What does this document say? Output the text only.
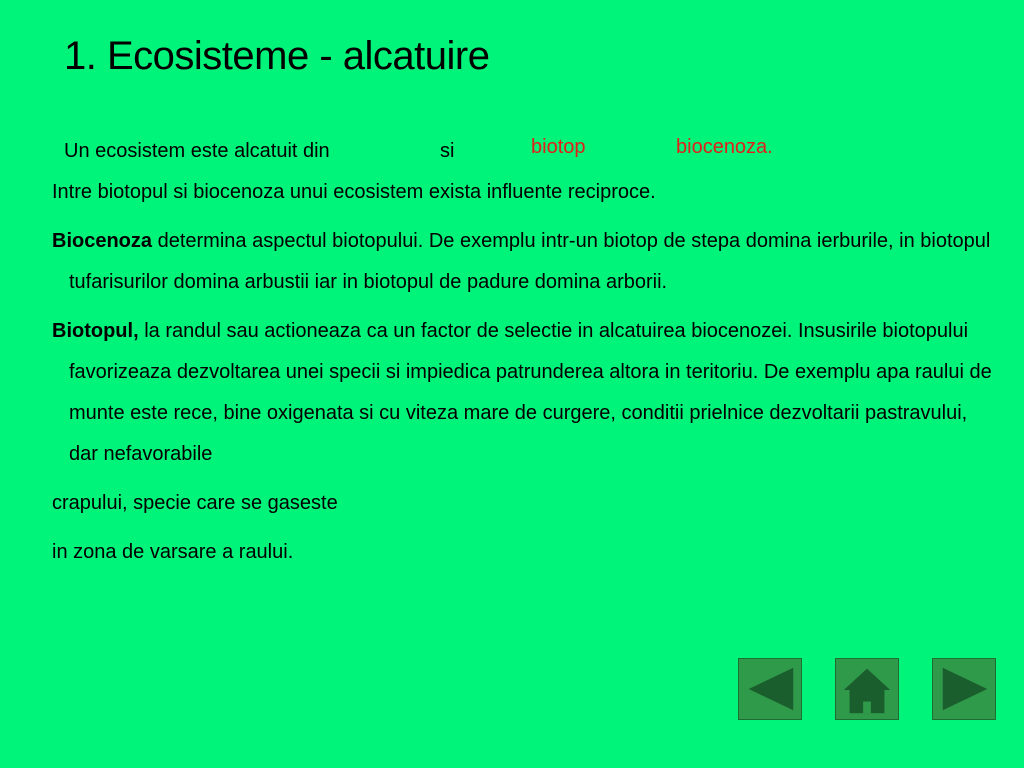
1. Ecosisteme - alcatuire
Un ecosistem este alcatuit din	si	biotop	biocenoza.

Intre biotopul si biocenoza unui ecosistem exista influente reciproce.

Biocenoza determina aspectul biotopului. De exemplu intr-un biotop de stepa domina ierburile, in biotopul tufarisurilor domina arbustii iar in biotopul de padure domina arborii.

Biotopul, la randul sau actioneaza ca un factor de selectie in alcatuirea biocenozei. Insusirile biotopului favorizeaza dezvoltarea unei specii si impiedica patrunderea altora in teritoriu. De exemplu apa raului de munte este rece, bine oxigenata si cu viteza mare de curgere, conditii prielnice dezvoltarii pastravului, dar nefavorabile

crapului, specie care se gaseste

in zona de varsare a raului.
